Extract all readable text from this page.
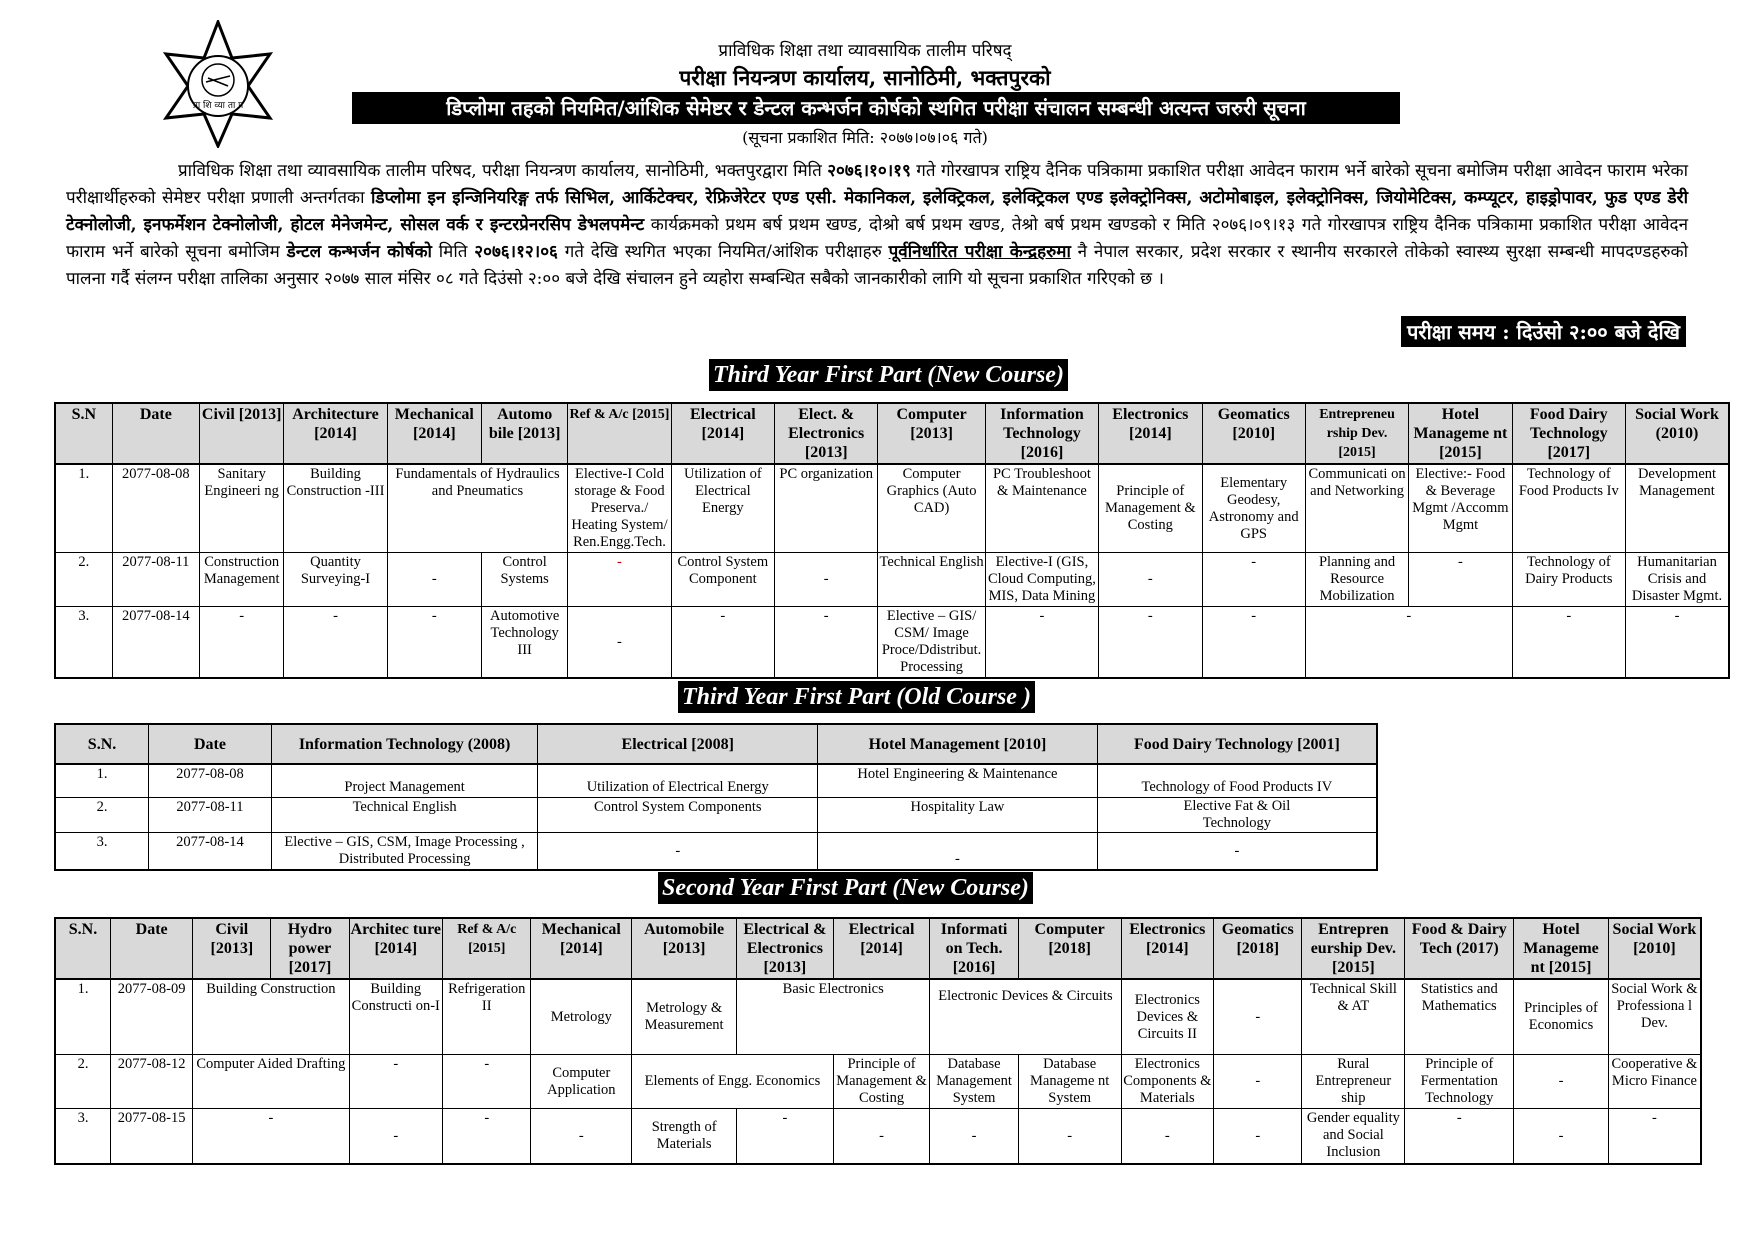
प्रा शि व्या ता प
प्राविधिक शिक्षा तथा व्यावसायिक तालीम परिषद्
परीक्षा नियन्त्रण कार्यालय, सानोठिमी, भक्तपुरको
डिप्लोमा तहको नियमित/आंशिक सेमेष्टर र डेन्टल कन्भर्जन कोर्षको स्थगित परीक्षा संचालन सम्बन्धी अत्यन्त जरुरी सूचना
(सूचना प्रकाशित मिति: २०७७।०७।०६ गते)

प्राविधिक शिक्षा तथा व्यावसायिक तालीम परिषद, परीक्षा नियन्त्रण कार्यालय, सानोठिमी, भक्तपुरद्वारा मिति २०७६।१०।१९ गते गोरखापत्र राष्ट्रिय दैनिक पत्रिकामा प्रकाशित परीक्षा आवेदन फाराम भर्ने बारेको सूचना बमोजिम परीक्षा आवेदन फाराम भरेका परीक्षार्थीहरुको सेमेष्टर परीक्षा प्रणाली अन्तर्गतका डिप्लोमा इन इन्जिनियरिङ्ग तर्फ सिभिल, आर्किटेक्चर, रेफ्रिजेरेटर एण्ड एसी. मेकानिकल, इलेक्ट्रिकल, इलेक्ट्रिकल एण्ड इलेक्ट्रोनिक्स, अटोमोबाइल, इलेक्ट्रोनिक्स, जियोमेटिक्स, कम्प्यूटर, हाइड्रोपावर, फुड एण्ड डेरी टेक्नोलोजी, इनफर्मेशन टेक्नोलोजी, होटल मेनेजमेन्ट, सोसल वर्क र इन्टरप्रेनरसिप डेभलपमेन्ट कार्यक्रमको प्रथम बर्ष प्रथम खण्ड, दोश्रो बर्ष प्रथम खण्ड, तेश्रो बर्ष प्रथम खण्डको र मिति २०७६।०९।१३ गते गोरखापत्र राष्ट्रिय दैनिक पत्रिकामा प्रकाशित परीक्षा आवेदन फाराम भर्ने बारेको सूचना बमोजिम डेन्टल कन्भर्जन कोर्षको मिति २०७६।१२।०६ गते देखि स्थगित भएका नियमित/आंशिक परीक्षाहरु पूर्वनिर्धारित परीक्षा केन्द्रहरुमा नै नेपाल सरकार, प्रदेश सरकार र स्थानीय सरकारले तोकेको स्वास्थ्य सुरक्षा सम्बन्धी मापदण्डहरुको पालना गर्दै संलग्न परीक्षा तालिका अनुसार २०७७ साल मंसिर ०८ गते दिउंसो २:०० बजे देखि संचालन हुने व्यहोरा सम्बन्धित सबैको जानकारीको लागि यो सूचना प्रकाशित गरिएको छ ।

परीक्षा समय : दिउंसो २:०० बजे देखि
Third Year First Part (New Course)
S.N	Date	Civil [2013]	Architecture [2014]	Mechanical [2014]	Automo bile [2013]	Ref & A/c [2015]	Electrical [2014]	Elect. & Electronics [2013]	Computer [2013]	Information Technology [2016]	Electronics [2014]	Geomatics [2010]	Entrepreneu rship Dev. [2015]	Hotel Manageme nt [2015]	Food Dairy Technology [2017]	Social Work (2010)
1.	2077-08-08	Sanitary Engineeri ng	Building Construction -III	Fundamentals of Hydraulics and Pneumatics		Elective-I Cold storage & Food Preserva./ Heating System/ Ren.Engg.Tech.	Utilization of Electrical Energy	PC organization	Computer Graphics (Auto CAD)	PC Troubleshoot & Maintenance	Principle of Management & Costing	Elementary Geodesy, Astronomy and GPS	Communicati on and Networking	Elective:- Food & Beverage Mgmt /Accomm Mgmt	Technology of Food Products Iv	Development Management
2.	2077-08-11	Construction Management	Quantity Surveying-I	-	Control Systems	-	Control System Component	-	Technical English	Elective-I (GIS, Cloud Computing, MIS, Data Mining	-	-	Planning and Resource Mobilization	-	Technology of Dairy Products	Humanitarian Crisis and Disaster Mgmt.
3.	2077-08-14	-	-	-	Automotive Technology III	-	-	-	Elective – GIS/ CSM/ Image Proce/Ddistribut. Processing	-	-	-	-		-	-
Third Year First Part (Old Course )
S.N.	Date	Information Technology (2008)	Electrical [2008]	Hotel Management [2010]	Food Dairy Technology [2001]
1.	2077-08-08	Project Management	Utilization of Electrical Energy	Hotel Engineering & Maintenance	Technology of Food Products IV
2.	2077-08-11	Technical English	Control System Components	Hospitality Law	Elective Fat & Oil Technology
3.	2077-08-14	Elective – GIS, CSM, Image Processing , Distributed Processing	-	-	-
Second Year First Part (New Course)
S.N.	Date	Civil [2013]	Hydro power [2017]	Architec ture [2014]	Ref & A/c [2015]	Mechanical [2014]	Automobile [2013]	Electrical & Electronics [2013]	Electrical [2014]	Informati on Tech. [2016]	Computer [2018]	Electronics [2014]	Geomatics [2018]	Entrepren eurship Dev. [2015]	Food & Dairy Tech (2017)	Hotel Manageme nt [2015]	Social Work [2010]
1.	2077-08-09	Building Construction		Building Constructi on-I	Refrigeration II	Metrology	Metrology & Measurement	Basic Electronics		Electronic Devices & Circuits		Electronics Devices & Circuits II	-	Technical Skill & AT	Statistics and Mathematics	Principles of Economics	Social Work & Professiona l Dev.
2.	2077-08-12	Computer Aided Drafting		-	-	Computer Application	Elements of Engg. Economics		Principle of Management & Costing	Database Management System	Database Manageme nt System	Electronics Components & Materials	-	Rural Entrepreneur ship	Principle of Fermentation Technology	-	Cooperative & Micro Finance
3.	2077-08-15	-		-	-	-	Strength of Materials	-	-	-	-	-	-	Gender equality and Social Inclusion	-	-	-
